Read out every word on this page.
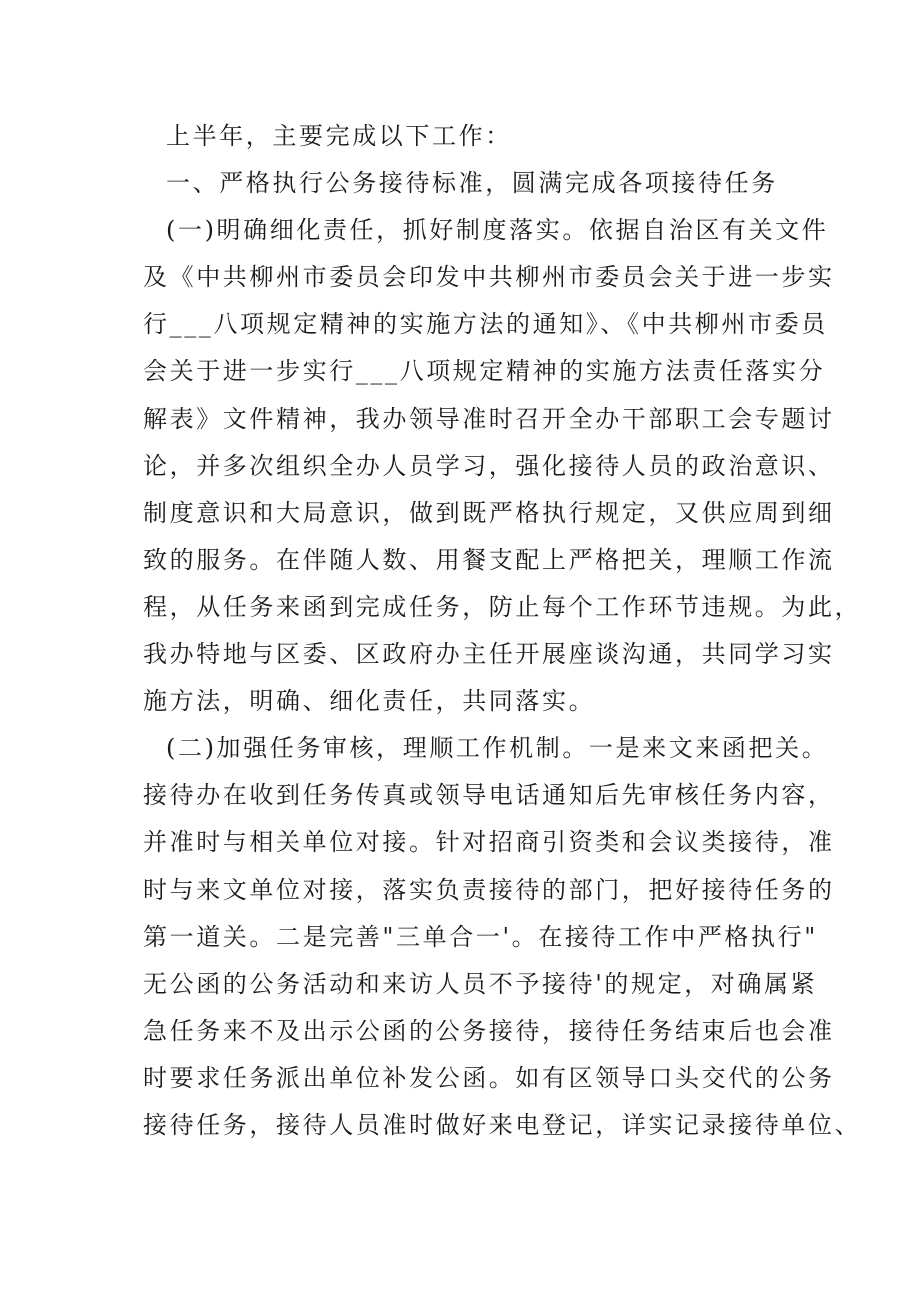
上半年，主要完成以下工作：
一、严格执行公务接待标准，圆满完成各项接待任务
(一)明确细化责任，抓好制度落实。依据自治区有关文件
及《中共柳州市委员会印发中共柳州市委员会关于进一步实
行___八项规定精神的实施方法的通知》、《中共柳州市委员
会关于进一步实行___八项规定精神的实施方法责任落实分
解表》文件精神，我办领导准时召开全办干部职工会专题讨
论，并多次组织全办人员学习，强化接待人员的政治意识、
制度意识和大局意识，做到既严格执行规定，又供应周到细
致的服务。在伴随人数、用餐支配上严格把关，理顺工作流
程，从任务来函到完成任务，防止每个工作环节违规。为此，
我办特地与区委、区政府办主任开展座谈沟通，共同学习实
施方法，明确、细化责任，共同落实。
(二)加强任务审核，理顺工作机制。一是来文来函把关。
接待办在收到任务传真或领导电话通知后先审核任务内容，
并准时与相关单位对接。针对招商引资类和会议类接待，准
时与来文单位对接，落实负责接待的部门，把好接待任务的
第一道关。二是完善"三单合一'。在接待工作中严格执行"
无公函的公务活动和来访人员不予接待'的规定，对确属紧
急任务来不及出示公函的公务接待，接待任务结束后也会准
时要求任务派出单位补发公函。如有区领导口头交代的公务
接待任务，接待人员准时做好来电登记，详实记录接待单位、
